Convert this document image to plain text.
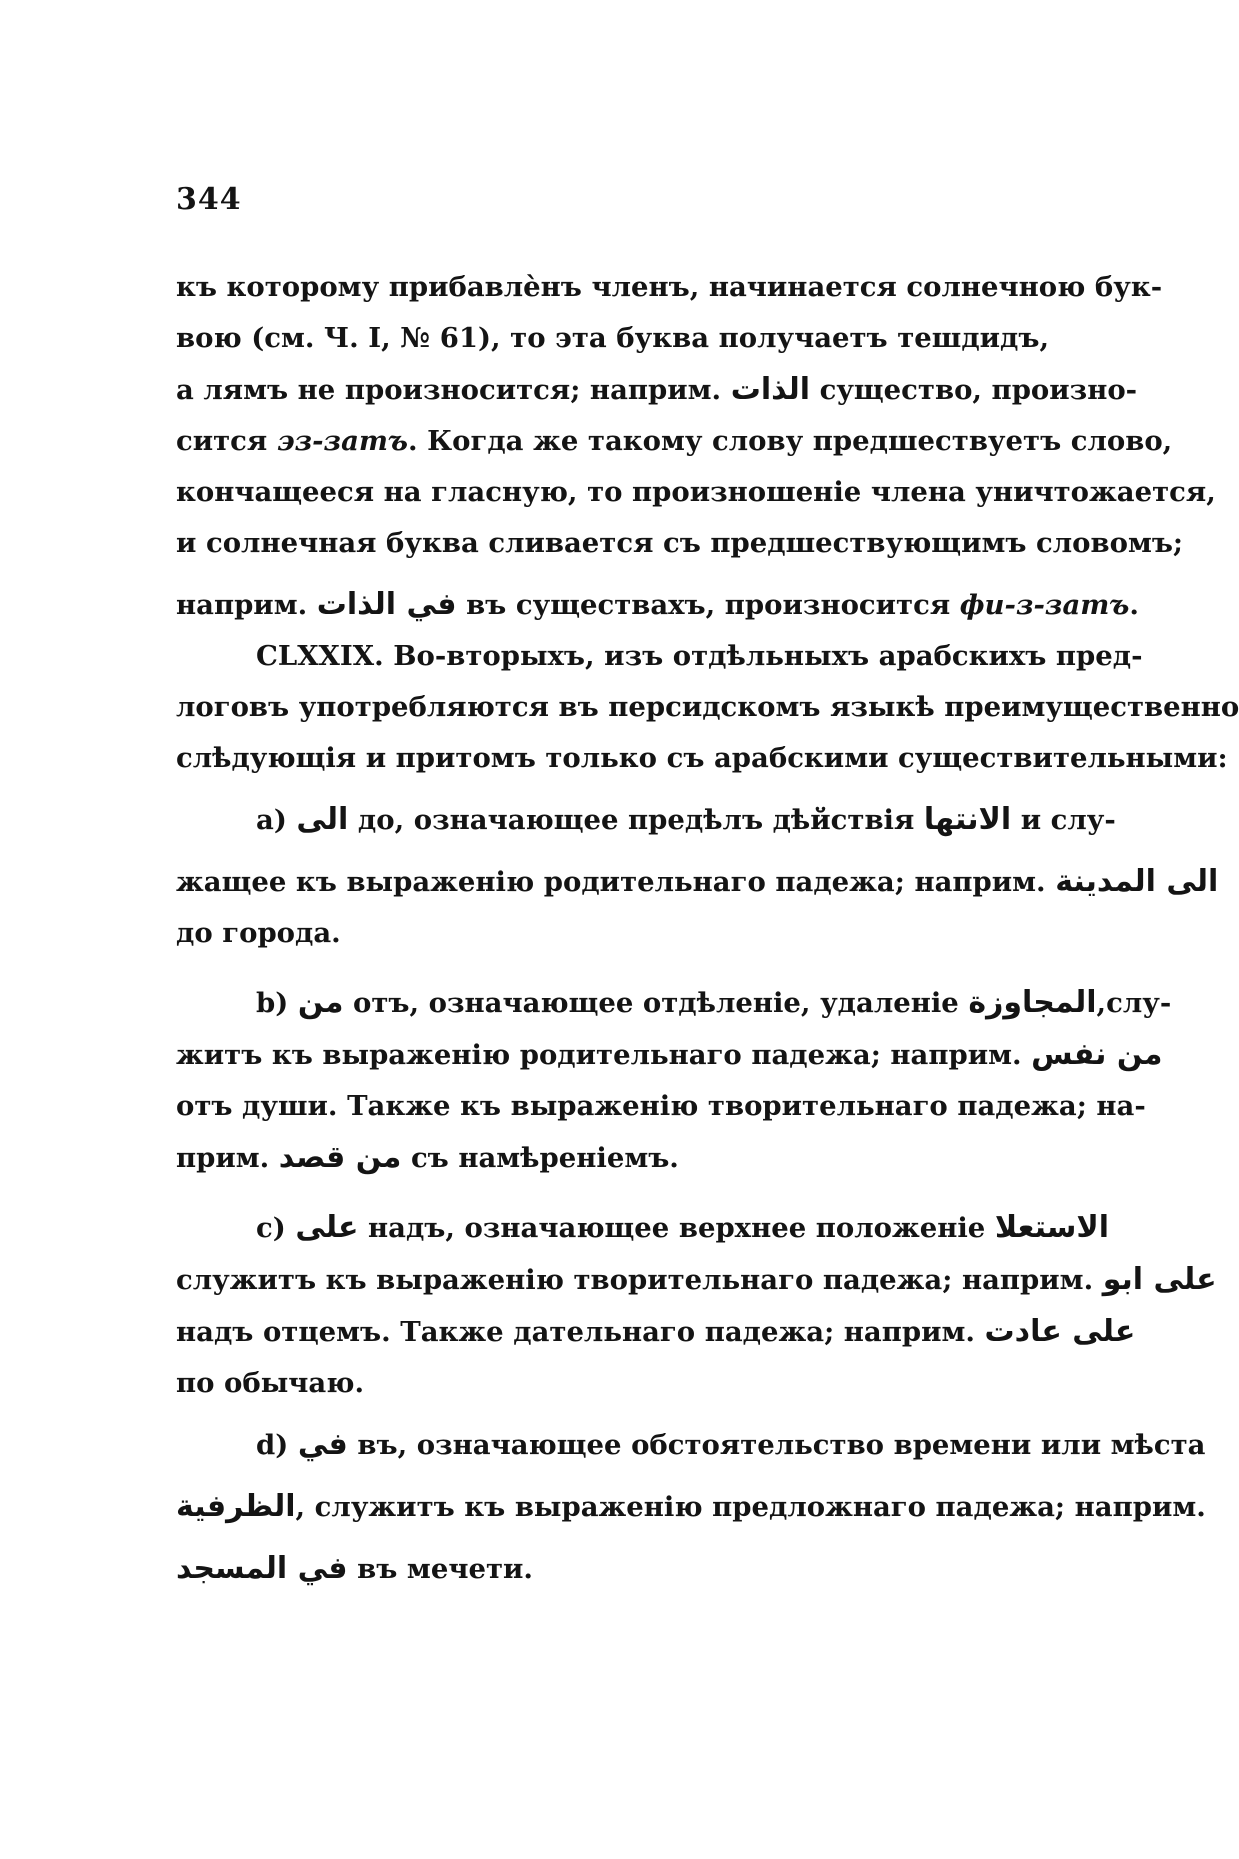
344
къ которому прибавлѐнъ членъ, начинается солнечною бук-
вою (см. Ч. I, № 61), то эта буква получаетъ тешдидъ,
а лямъ не произносится; наприм. الذات существо, произно-
сится эз-затъ. Когда же такому слову предшествуетъ слово,
кончащееся на гласную, то произношеніе члена уничтожается,
и солнечная буква сливается съ предшествующимъ словомъ;
наприм. في الذات въ существахъ, произносится фи-з-затъ.
CLXXIX. Во-вторыхъ, изъ отдѣльныхъ арабскихъ пред-
логовъ употребляются въ персидскомъ языкѣ преимущественно
слѣдующія и притомъ только съ арабскими существительными:
а) الى до, означающее предѣлъ дѣйствія الانتها и слу-
жащее къ выраженію родительнаго падежа; наприм. الى المدينة
до города.
b) من отъ, означающее отдѣленіе, удаленіе المجاوزة,слу-
житъ къ выраженію родительнаго падежа; наприм. من نفس
отъ души. Также къ выраженію творительнаго падежа; на-
прим. من قصد съ намѣреніемъ.
c) على надъ, означающее верхнее положеніе الاستعلا
служитъ къ выраженію творительнаго падежа; наприм. على ابو
надъ отцемъ. Также дательнаго падежа; наприм. على عادت
по обычаю.
d) في въ, означающее обстоятельство времени или мѣста
الظرفية, служитъ къ выраженію предложнаго падежа; наприм.
في المسجد въ мечети.
